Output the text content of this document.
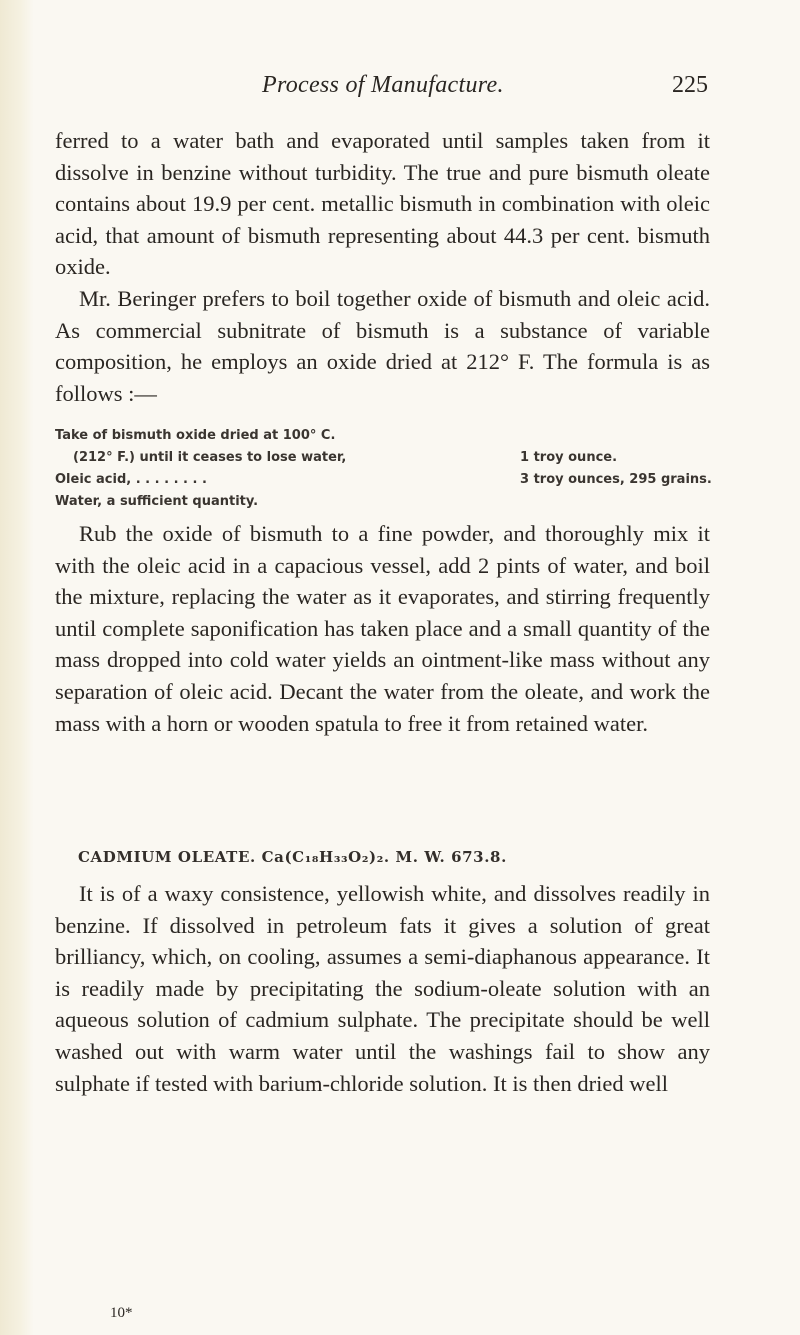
Process of Manufacture.	225

ferred to a water bath and evaporated until samples taken from it dissolve in benzine without turbidity. The true and pure bismuth oleate contains about 19.9 per cent. metallic bismuth in combination with oleic acid, that amount of bismuth representing about 44.3 per cent. bismuth oxide.

Mr. Beringer prefers to boil together oxide of bismuth and oleic acid. As commercial subnitrate of bismuth is a substance of variable composition, he employs an oxide dried at 212° F. The formula is as follows :—

Take of bismuth oxide dried at 100° C.
(212° F.) until it ceases to lose water,	1 troy ounce.
Oleic acid, . . . . . . . .	3 troy ounces, 295 grains.
Water, a sufficient quantity.

Rub the oxide of bismuth to a fine powder, and thoroughly mix it with the oleic acid in a capacious vessel, add 2 pints of water, and boil the mixture, replacing the water as it evaporates, and stirring frequently until complete saponification has taken place and a small quantity of the mass dropped into cold water yields an ointment-like mass without any separation of oleic acid. Decant the water from the oleate, and work the mass with a horn or wooden spatula to free it from retained water.

CADMIUM OLEATE. Ca(C₁₈H₃₃O₂)₂. M. W. 673.8.

It is of a waxy consistence, yellowish white, and dissolves readily in benzine. If dissolved in petroleum fats it gives a solution of great brilliancy, which, on cooling, assumes a semi-diaphanous appearance. It is readily made by precipitating the sodium-oleate solution with an aqueous solution of cadmium sulphate. The precipitate should be well washed out with warm water until the washings fail to show any sulphate if tested with barium-chloride solution. It is then dried well

10*
